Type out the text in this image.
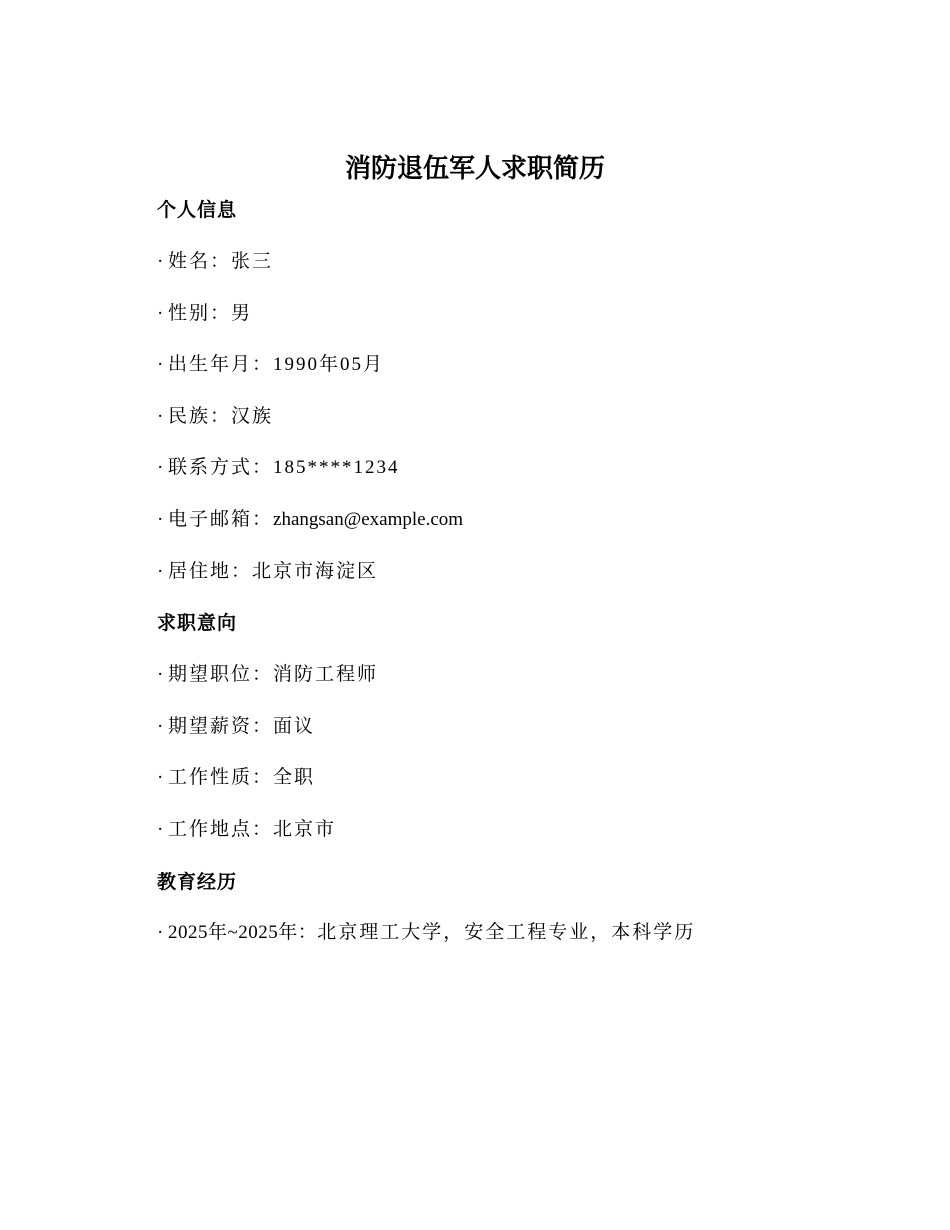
消防退伍军人求职简历
个人信息
· 姓名：张三
· 性别：男
· 出生年月：1990年05月
· 民族：汉族
· 联系方式：185****1234
· 电子邮箱：zhangsan@example.com
· 居住地：北京市海淀区
求职意向
· 期望职位：消防工程师
· 期望薪资：面议
· 工作性质：全职
· 工作地点：北京市
教育经历
· 2025年~2025年：北京理工大学，安全工程专业，本科学历
